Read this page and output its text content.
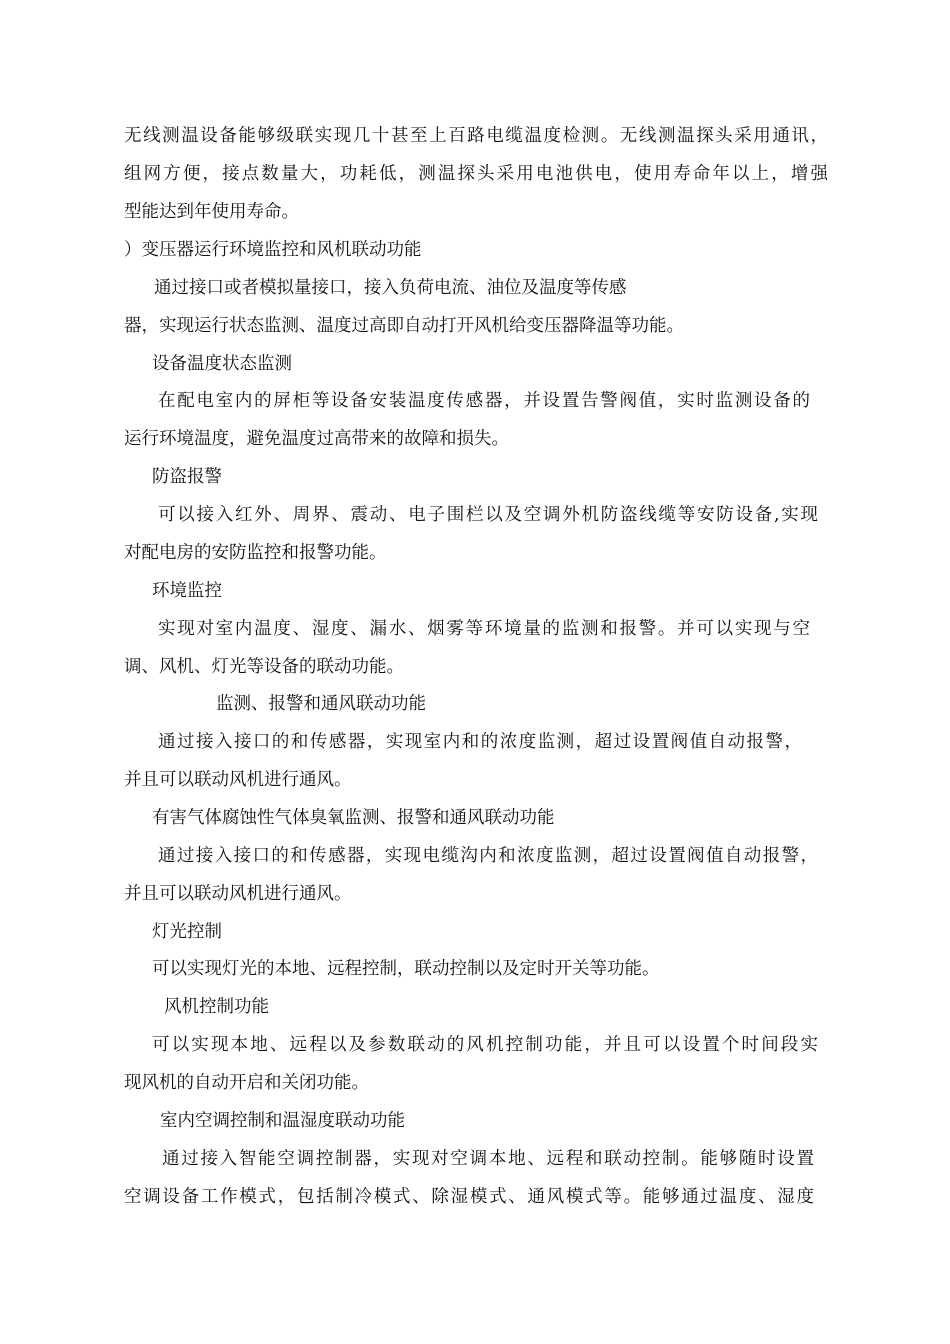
无线测温设备能够级联实现几十甚至上百路电缆温度检测。无线测温探头采用通讯，
组网方便，接点数量大，功耗低，测温探头采用电池供电，使用寿命年以上，增强
型能达到年使用寿命。
）变压器运行环境监控和风机联动功能
通过接口或者模拟量接口，接入负荷电流、油位及温度等传感
器，实现运行状态监测、温度过高即自动打开风机给变压器降温等功能。
设备温度状态监测
在配电室内的屏柜等设备安装温度传感器，并设置告警阀值，实时监测设备的
运行环境温度，避免温度过高带来的故障和损失。
防盗报警
可以接入红外、周界、震动、电子围栏以及空调外机防盗线缆等安防设备,实现
对配电房的安防监控和报警功能。
环境监控
实现对室内温度、湿度、漏水、烟雾等环境量的监测和报警。并可以实现与空
调、风机、灯光等设备的联动功能。
监测、报警和通风联动功能
通过接入接口的和传感器，实现室内和的浓度监测，超过设置阀值自动报警，
并且可以联动风机进行通风。
有害气体腐蚀性气体臭氧监测、报警和通风联动功能
通过接入接口的和传感器，实现电缆沟内和浓度监测，超过设置阀值自动报警，
并且可以联动风机进行通风。
灯光控制
可以实现灯光的本地、远程控制，联动控制以及定时开关等功能。
风机控制功能
可以实现本地、远程以及参数联动的风机控制功能，并且可以设置个时间段实
现风机的自动开启和关闭功能。
室内空调控制和温湿度联动功能
通过接入智能空调控制器，实现对空调本地、远程和联动控制。能够随时设置
空调设备工作模式，包括制冷模式、除湿模式、通风模式等。能够通过温度、湿度
